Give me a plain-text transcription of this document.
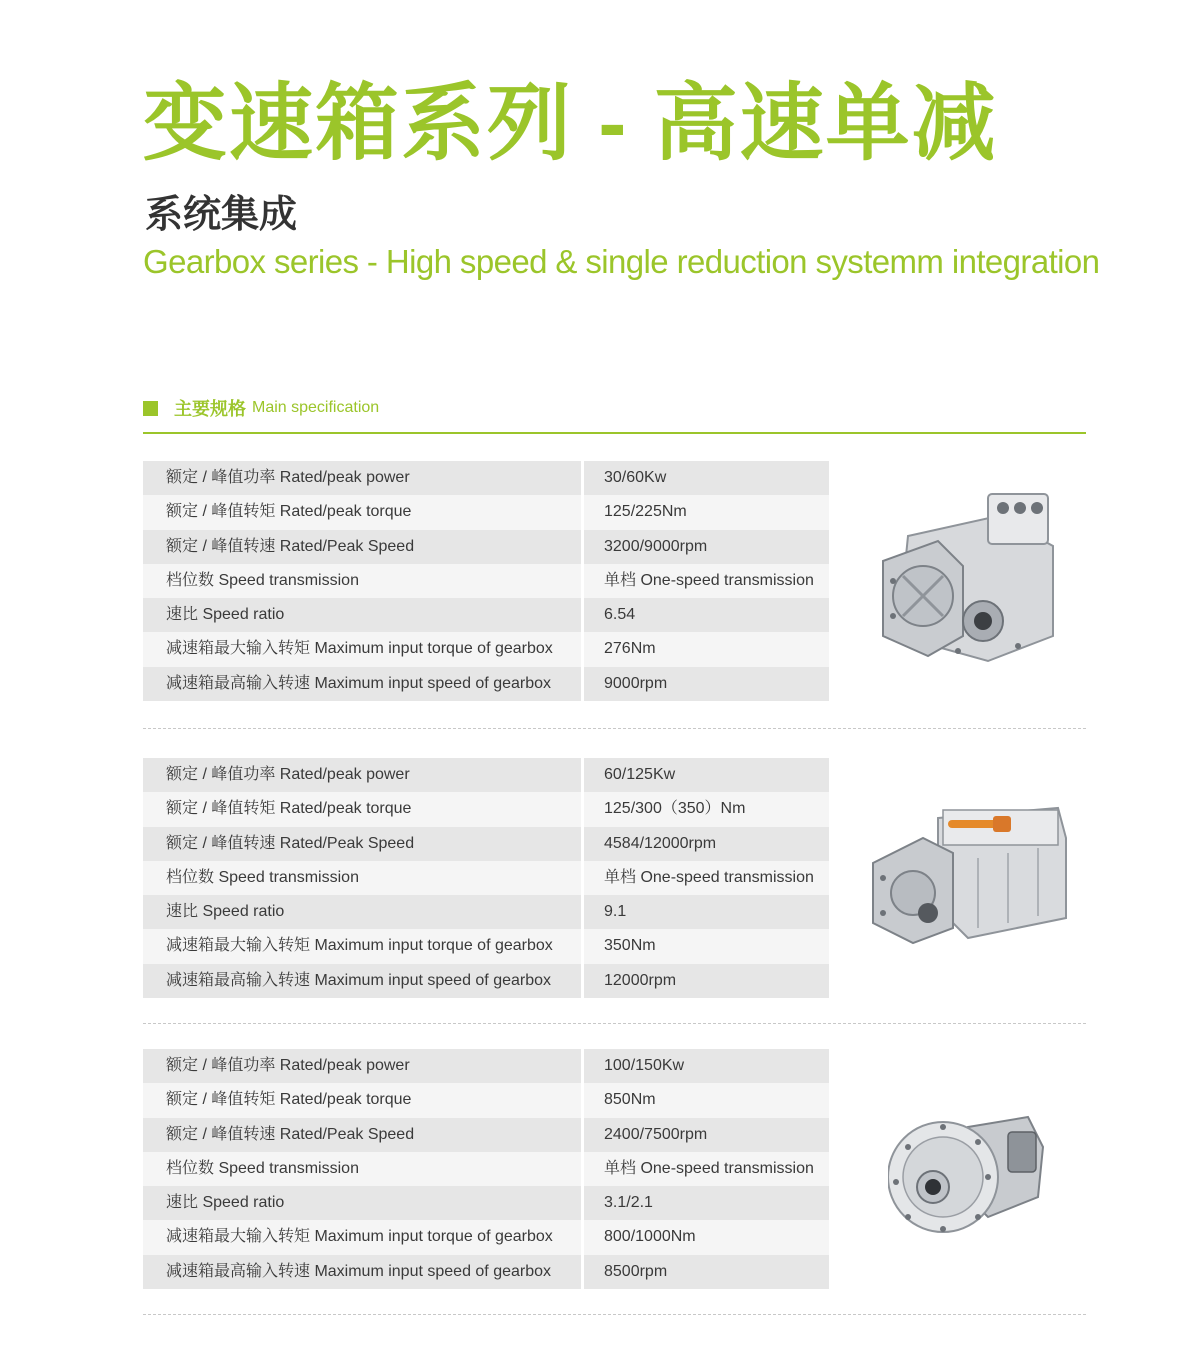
变速箱系列 - 高速单减
系统集成
Gearbox series - High speed & single reduction systemm integration
主要规格 Main specification
额定 / 峰值功率 Rated/peak power	30/60Kw
额定 / 峰值转矩 Rated/peak torque	125/225Nm
额定 / 峰值转速 Rated/Peak Speed	3200/9000rpm
档位数 Speed transmission	单档 One-speed transmission
速比 Speed ratio	6.54
减速箱最大输入转矩 Maximum input torque of gearbox	276Nm
减速箱最高输入转速 Maximum input speed of gearbox	9000rpm
额定 / 峰值功率 Rated/peak power	60/125Kw
额定 / 峰值转矩 Rated/peak torque	125/300（350）Nm
额定 / 峰值转速 Rated/Peak Speed	4584/12000rpm
档位数 Speed transmission	单档 One-speed transmission
速比 Speed ratio	9.1
减速箱最大输入转矩 Maximum input torque of gearbox	350Nm
减速箱最高输入转速 Maximum input speed of gearbox	12000rpm
额定 / 峰值功率 Rated/peak power	100/150Kw
额定 / 峰值转矩 Rated/peak torque	850Nm
额定 / 峰值转速 Rated/Peak Speed	2400/7500rpm
档位数 Speed transmission	单档 One-speed transmission
速比 Speed ratio	3.1/2.1
减速箱最大输入转矩 Maximum input torque of gearbox	800/1000Nm
减速箱最高输入转速 Maximum input speed of gearbox	8500rpm
